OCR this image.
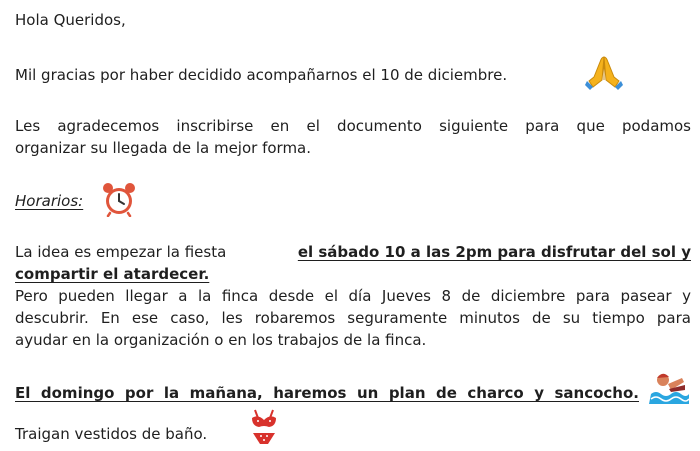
Hola Queridos,
Mil gracias por haber decidido acompañarnos el 10 de diciembre.
Les agradecemos inscribirse en el documento siguiente para que podamos
organizar su llegada de la mejor forma.
Horarios:
La idea es empezar la fiesta	el sábado 10 a las 2pm para disfrutar del sol y
compartir el atardecer.
Pero pueden llegar a la finca desde el día Jueves 8 de diciembre para pasear y
descubrir. En ese caso, les robaremos seguramente minutos de su tiempo para
ayudar en la organización o en los trabajos de la finca.
El domingo por la mañana, haremos un plan de charco y sancocho.
Traigan vestidos de baño.
